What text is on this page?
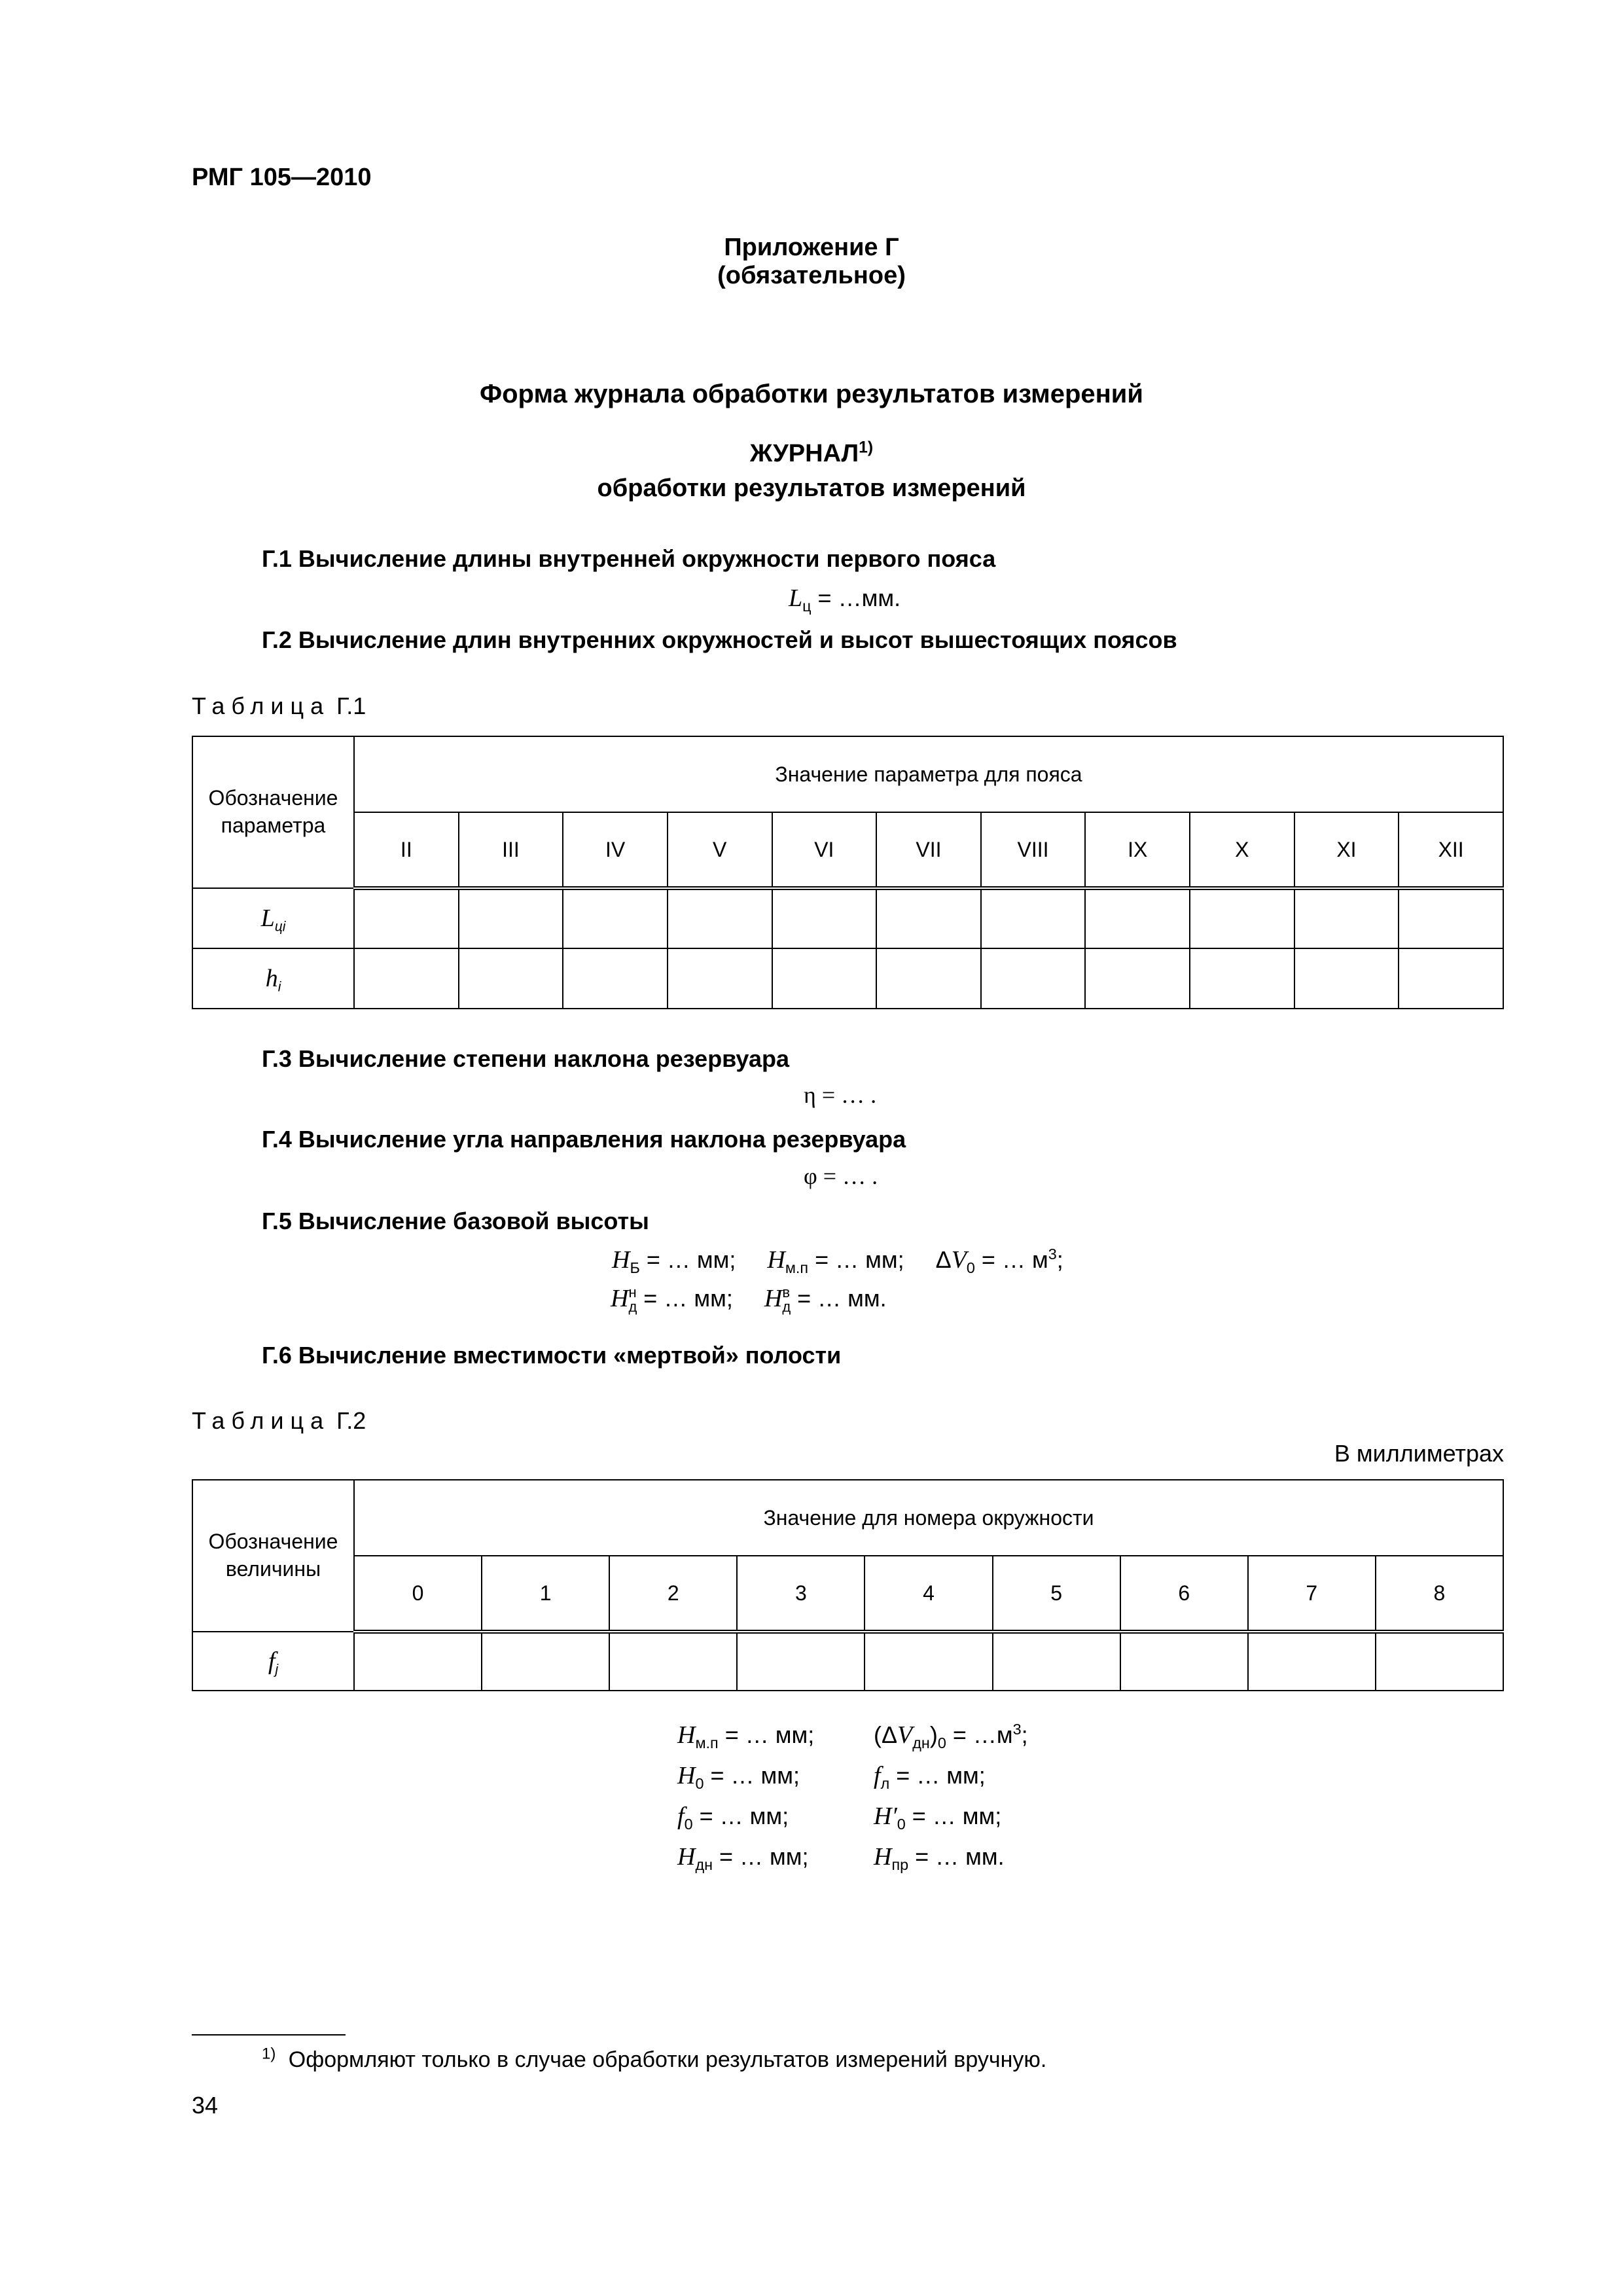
РМГ 105—2010
Приложение Г
(обязательное)
Форма журнала обработки результатов измерений
ЖУРНАЛ$^{1)}$
обработки результатов измерений
Г.1 Вычисление длины внутренней окружности первого пояса
$L_ц$ = …мм.
Г.2 Вычисление длин внутренних окружностей и высот вышестоящих поясов
Таблица Г.1
Обозначение параметра	Значение параметра для пояса										
	II	III	IV	V	VI	VII	VIII	IX	X	XI	XII
$L_{цi}$											
$h_i$											
Г.3 Вычисление степени наклона резервуара
η = … .
Г.4 Вычисление угла направления наклона резервуара
φ = … .
Г.5 Вычисление базовой высоты
$H_Б$ = … мм; $H_{м.п}$ = … мм; $\Delta V_0$ = … $м^3$;
H н
д = … мм; H в
д = … мм.
Г.6 Вычисление вместимости «мертвой» полости
Таблица Г.2
В миллиметрах
Обозначение величины	Значение для номера окружности								
	0	1	2	3	4	5	6	7	8
$f_j$									
$H_{м.п}$ = … мм;
$H_0$ = … мм;
$f_0$ = … мм;
$H_{дн}$ = … мм;
$(\Delta V_{дн})_0$ = $\dots м^3$;
$f_л$ = … мм;
$H'_0$ = … мм;
$H_{пр}$ = … мм.
$^{1)}$ Оформляют только в случае обработки результатов измерений вручную.
34
